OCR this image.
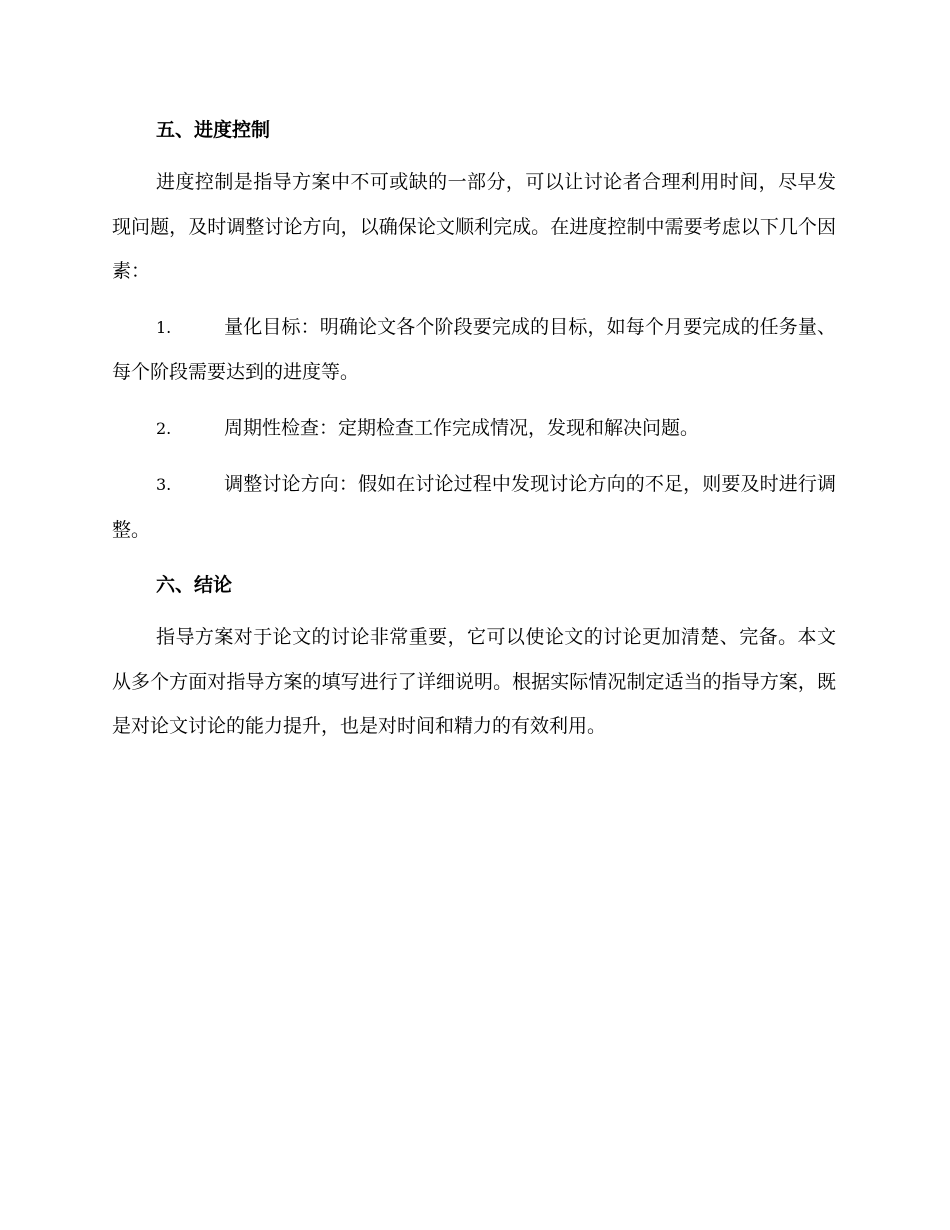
五、进度控制

进度控制是指导方案中不可或缺的一部分，可以让讨论者合理利用时间，尽早发现问题，及时调整讨论方向，以确保论文顺利完成。在进度控制中需要考虑以下几个因素：

1.	量化目标：明确论文各个阶段要完成的目标，如每个月要完成的任务量、每个阶段需要达到的进度等。

2.	周期性检查：定期检查工作完成情况，发现和解决问题。

3.	调整讨论方向：假如在讨论过程中发现讨论方向的不足，则要及时进行调整。

六、结论

指导方案对于论文的讨论非常重要，它可以使论文的讨论更加清楚、完备。本文从多个方面对指导方案的填写进行了详细说明。根据实际情况制定适当的指导方案，既是对论文讨论的能力提升，也是对时间和精力的有效利用。
